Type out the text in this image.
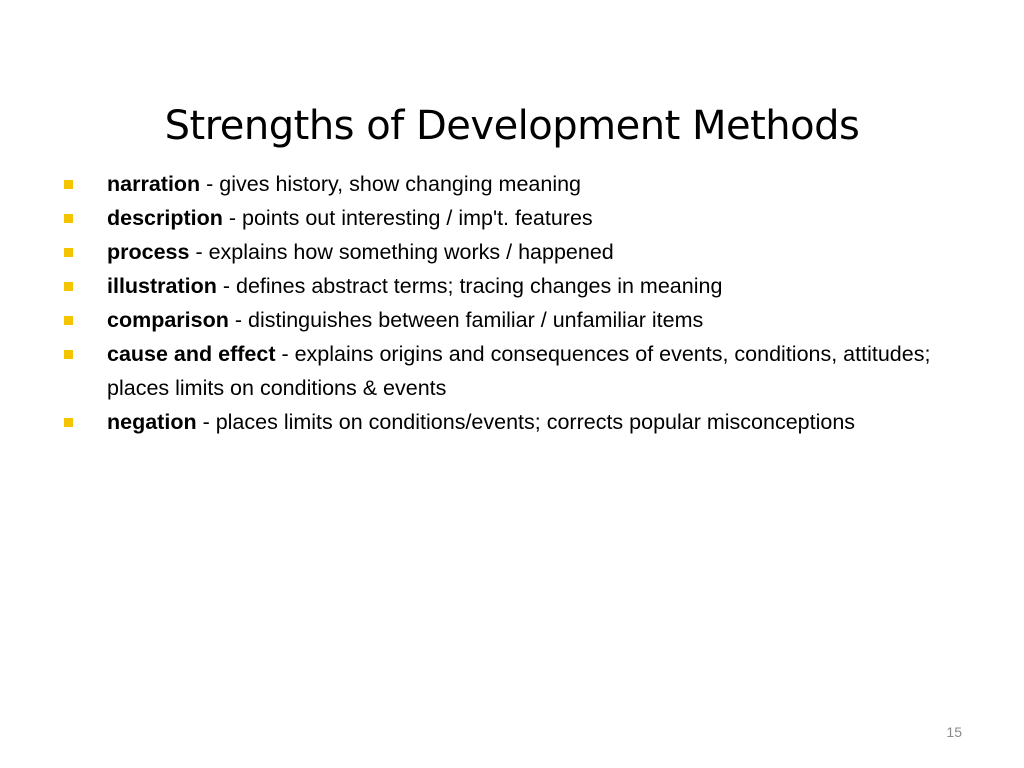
Strengths of Development Methods
narration - gives history, show changing meaning
description - points out interesting / imp't. features
process - explains how something works / happened
illustration - defines abstract terms; tracing changes in meaning
comparison - distinguishes between familiar / unfamiliar items
cause and effect - explains origins and consequences of events, conditions, attitudes; places limits on conditions & events
negation - places limits on conditions/events; corrects popular misconceptions
15
